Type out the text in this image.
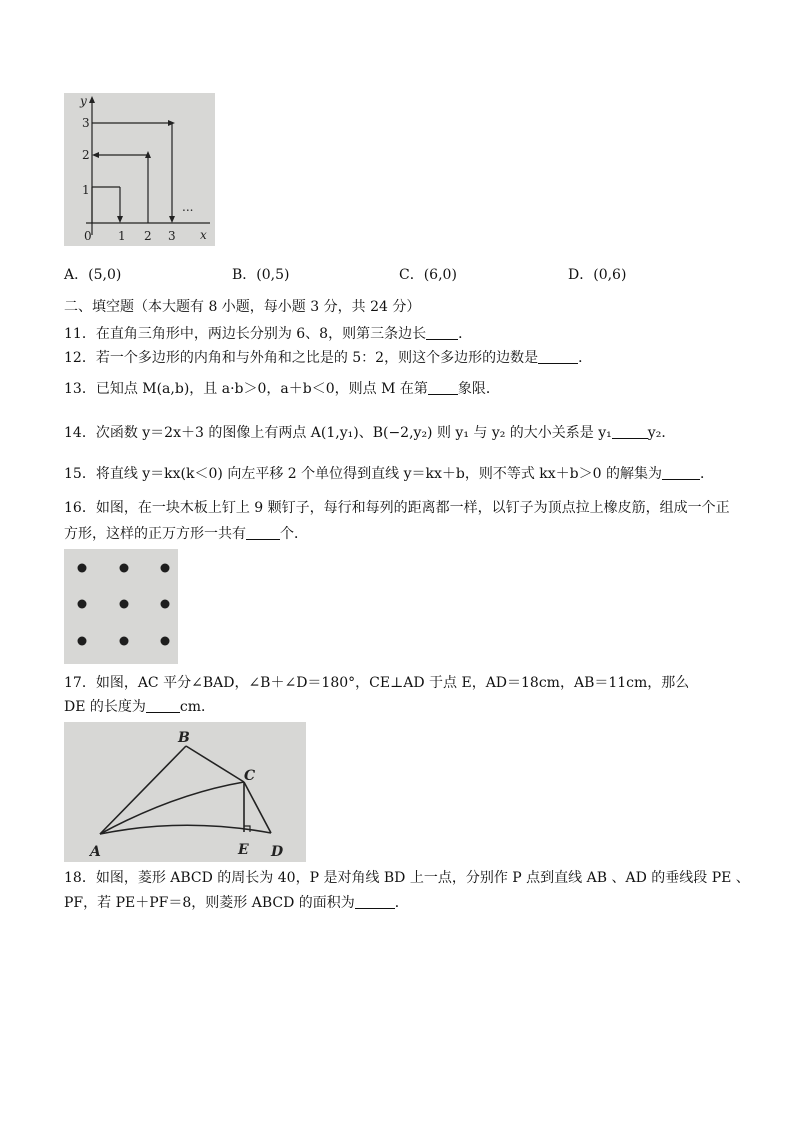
y
x
3
2
1
0 1 2 3
...
A．(5,0)	B．(0,5)	C．(6,0)	D．(0,6)
二、填空题（本大题有 8 小题，每小题 3 分，共 24 分）
11．在直角三角形中，两边长分别为 6、8，则第三条边长 ．
12．若一个多边形的内角和与外角和之比是的 5：2，则这个多边形的边数是	．
13．已知点 M(a,b)，且 a·b＞0，a＋b＜0，则点 M 在第 象限．
14．次函数 y＝2x＋3 的图像上有两点 A(1,y₁)、B(−2,y₂) 则 y₁ 与 y₂ 的大小关系是 y₁	y₂．
15．将直线 y＝kx(k＜0) 向左平移 2 个单位得到直线 y＝kx＋b，则不等式 kx＋b＞0 的解集为	．
16．如图，在一块木板上钉上 9 颗钉子，每行和每列的距离都一样，以钉子为顶点拉上橡皮筋，组成一个正
方形，这样的正万方形一共有 个．
17．如图，AC 平分∠BAD，∠B＋∠D＝180°，CE⊥AD 于点 E，AD＝18cm，AB＝11cm，那么
DE 的长度为 cm．
B
C
A	E D
18．如图，菱形 ABCD 的周长为 40，P 是对角线 BD 上一点，分别作 P 点到直线 AB 、AD 的垂线段 PE 、
PF，若 PE＋PF＝8，则菱形 ABCD 的面积为	．
